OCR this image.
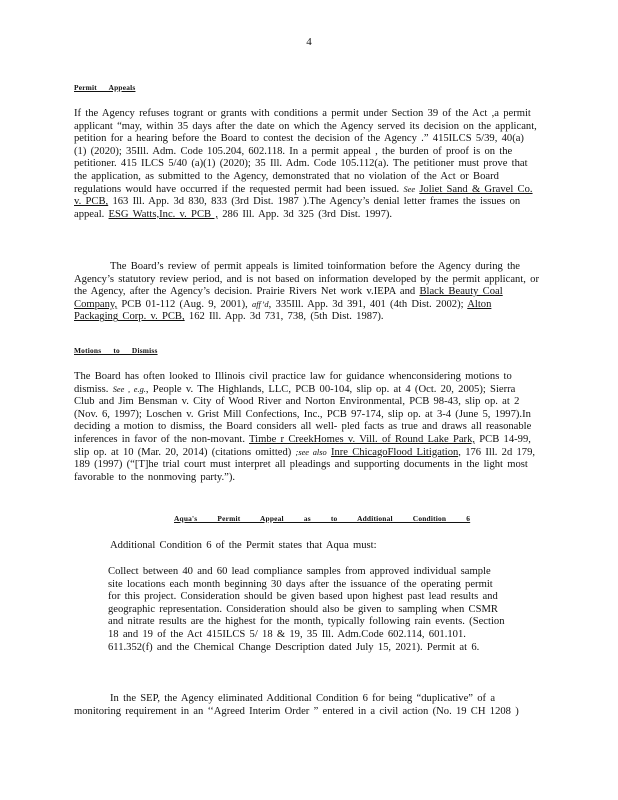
4
Permit Appeals

If the Agency refuses togrant or grants with conditions a permit under Section 39 of the Act ,a permit applicant “may, within 35 days after the date on which the Agency served its decision on the applicant, petition for a hearing before the Board to contest the decision of the Agency .” 415ILCS 5/39, 40(a) (1) (2020); 35Ill. Adm. Code 105.204, 602.118. In a permit appeal , the burden of proof is on the petitioner. 415 ILCS 5/40 (a)(1) (2020); 35 Ill. Adm. Code 105.112(a). The petitioner must prove that the application, as submitted to the Agency, demonstrated that no violation of the Act or Board regulations would have occurred if the requested permit had been issued. See Joliet Sand & Gravel Co. v. PCB, 163 Ill. App. 3d 830, 833 (3rd Dist. 1987 ).The Agency’s denial letter frames the issues on appeal. ESG Watts,Inc. v. PCB , 286 Ill. App. 3d 325 (3rd Dist. 1997).

The Board’s review of permit appeals is limited toinformation before the Agency during the Agency’s statutory review period, and is not based on information developed by the permit applicant, or the Agency, after the Agency’s decision. Prairie Rivers Net work v.IEPA and Black Beauty Coal Company, PCB 01-112 (Aug. 9, 2001), aff’d, 335Ill. App. 3d 391, 401 (4th Dist. 2002); Alton Packaging Corp. v. PCB, 162 Ill. App. 3d 731, 738, (5th Dist. 1987).

Motions to Dismiss

The Board has often looked to Illinois civil practice law for guidance whenconsidering motions to dismiss. See , e.g., People v. The Highlands, LLC, PCB 00-104, slip op. at 4 (Oct. 20, 2005); Sierra Club and Jim Bensman v. City of Wood River and Norton Environmental, PCB 98-43, slip op. at 2 (Nov. 6, 1997); Loschen v. Grist Mill Confections, Inc., PCB 97-174, slip op. at 3-4 (June 5, 1997).In deciding a motion to dismiss, the Board considers all well- pled facts as true and draws all reasonable inferences in favor of the non-movant. Timbe r CreekHomes v. Vill. of Round Lake Park, PCB 14-99, slip op. at 10 (Mar. 20, 2014) (citations omitted) ;see also Inre ChicagoFlood Litigation, 176 Ill. 2d 179, 189 (1997) (“[T]he trial court must interpret all pleadings and supporting documents in the light most favorable to the nonmoving party.”).

Aqua's Permit Appeal as to Additional Condition 6

Additional Condition 6 of the Permit states that Aqua must:

Collect between 40 and 60 lead compliance samples from approved individual sample site locations each month beginning 30 days after the issuance of the operating permit for this project. Consideration should be given based upon highest past lead results and geographic representation. Consideration should also be given to sampling when CSMR and nitrate results are the highest for the month, typically following rain events. (Section 18 and 19 of the Act 415ILCS 5/ 18 & 19, 35 Ill. Adm.Code 602.114, 601.101. 611.352(f) and the Chemical Change Description dated July 15, 2021). Permit at 6.

In the SEP, the Agency eliminated Additional Condition 6 for being “duplicative” of a monitoring requirement in an ‘‘Agreed Interim Order ” entered in a civil action (No. 19 CH 1208 )
